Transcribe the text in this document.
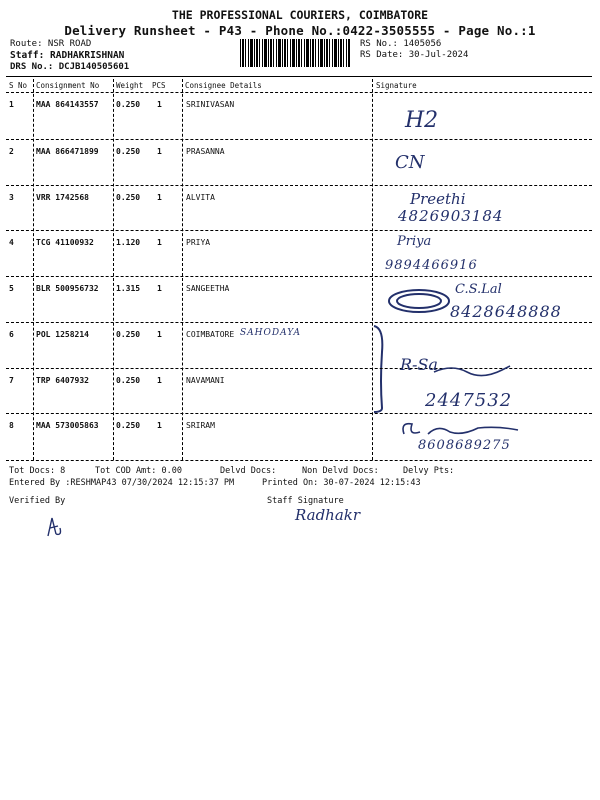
THE PROFESSIONAL COURIERS, COIMBATORE
Delivery Runsheet - P43 - Phone No.:0422-3505555 - Page No.:1
Route: NSR ROAD
Staff: RADHAKRISHNAN
DRS No.: DCJB140505601
RS No.: 1405056
RS Date: 30-Jul-2024
S No Consignment No Weight PCS	Consignee Details	Signature
1	MAA 864143557 0.250 1	SRINIVASAN
H2
2	MAA 866471899 0.250 1	PRASANNA
CN
3	VRR 1742568	0.250 1	ALVITA	Preethi
4826903184
4	TCG 41100932	1.120 1	PRIYA	Priya
9894466916
5	BLR 500956732 1.315 1	SANGEETHA	C.S.Lal
8428648888
6	POL 1258214	0.250 1	COIMBATORE SAHODAYA
7	TRP 6407932	0.250 1	NAVAMANI
R-Sa
2447532
8	MAA 573005863 0.250 1	SRIRAM
8608689275
Tot Docs: 8	Tot COD Amt: 0.00	Delvd Docs:	Non Delvd Docs:	Delvy Pts:
Entered By :RESHMAP43 07/30/2024 12:15:37 PM	Printed On: 30-07-2024 12:15:43
Verified By	Staff Signature
Radhakr
